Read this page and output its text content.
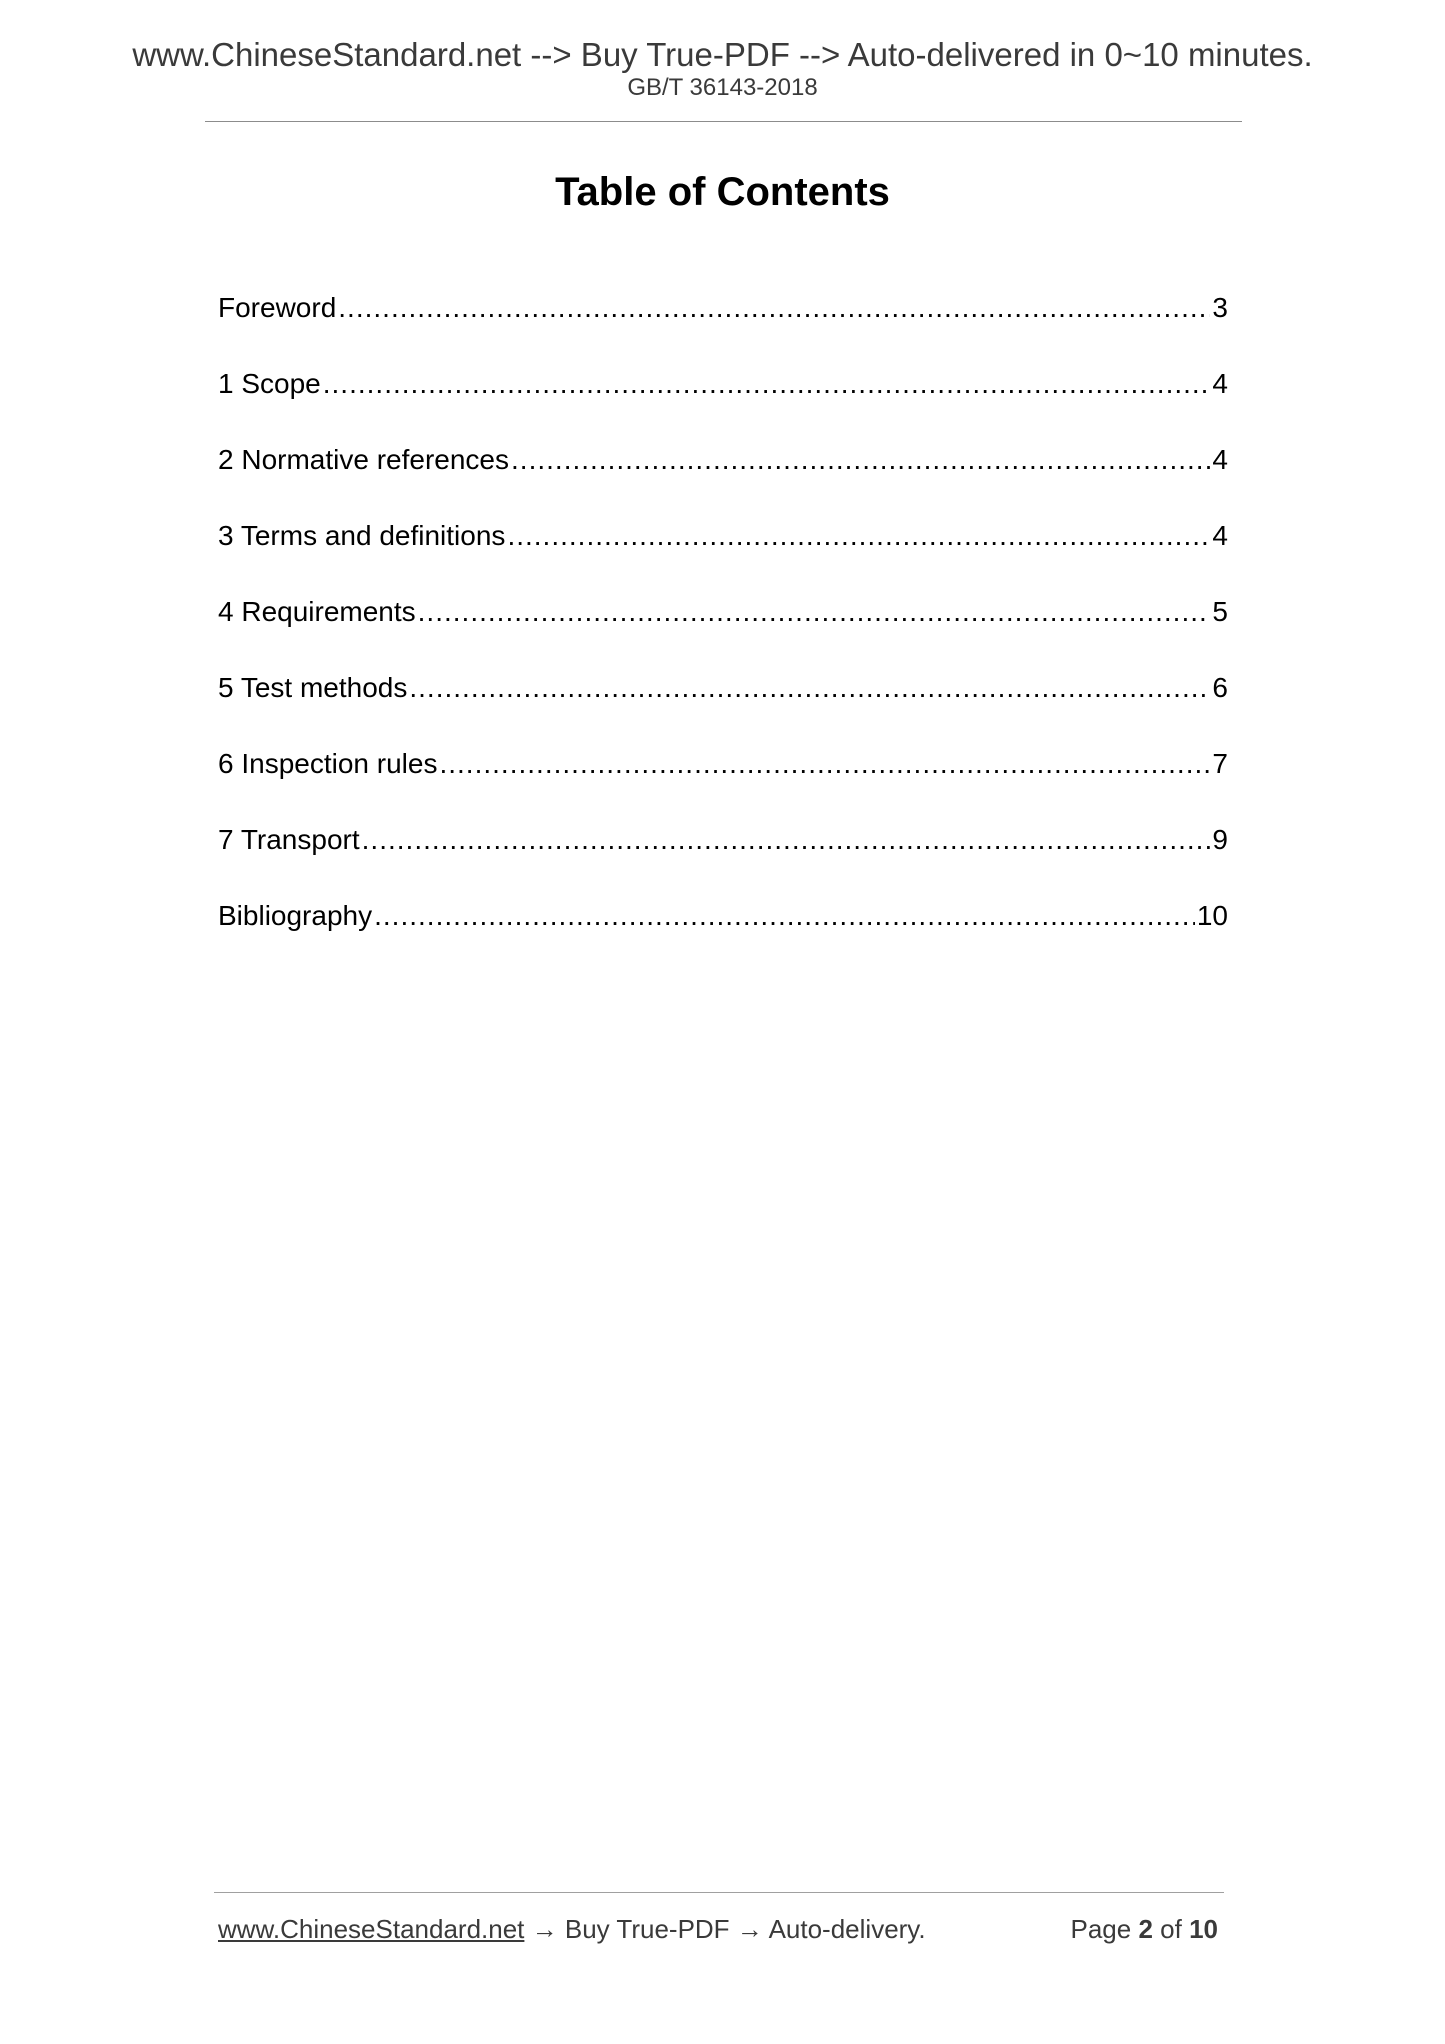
www.ChineseStandard.net --> Buy True-PDF --> Auto-delivered in 0~10 minutes.
GB/T 36143-2018
Table of Contents
Foreword .....	3
1 Scope .....	4
2 Normative references .....	4
3 Terms and definitions .....	4
4 Requirements .....	5
5 Test methods .....	6
6 Inspection rules .....	7
7 Transport .....	9
Bibliography .....	10
www.ChineseStandard.net → Buy True-PDF → Auto-delivery.	Page 2 of 10
